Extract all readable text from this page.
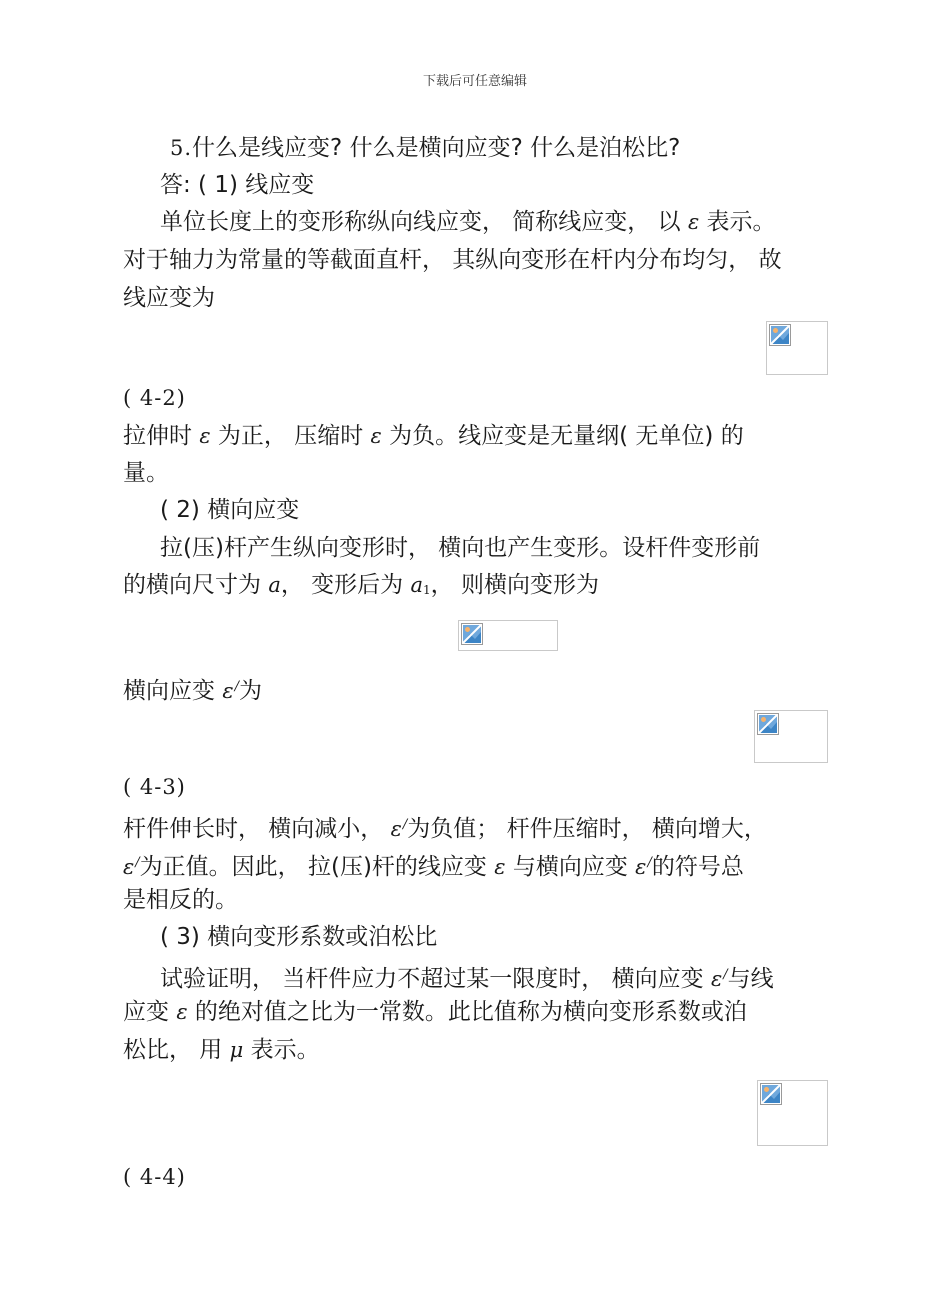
下载后可任意编辑
5.什么是线应变? 什么是横向应变? 什么是泊松比?
答: ( 1) 线应变
单位长度上的变形称纵向线应变， 简称线应变， 以 ε 表示。
对于轴力为常量的等截面直杆， 其纵向变形在杆内分布均匀， 故
线应变为
( 4-2)
拉伸时 ε 为正， 压缩时 ε 为负。线应变是无量纲( 无单位) 的
量。
( 2) 横向应变
拉(压)杆产生纵向变形时， 横向也产生变形。设杆件变形前
的横向尺寸为 a， 变形后为 a1， 则横向变形为
横向应变 ε/为
( 4-3)
杆件伸长时， 横向减小， ε/为负值； 杆件压缩时， 横向增大，
ε/为正值。因此， 拉(压)杆的线应变 ε 与横向应变 ε/的符号总
是相反的。
( 3) 横向变形系数或泊松比
试验证明， 当杆件应力不超过某一限度时， 横向应变 ε/与线
应变 ε 的绝对值之比为一常数。此比值称为横向变形系数或泊
松比， 用 μ 表示。
( 4-4)
